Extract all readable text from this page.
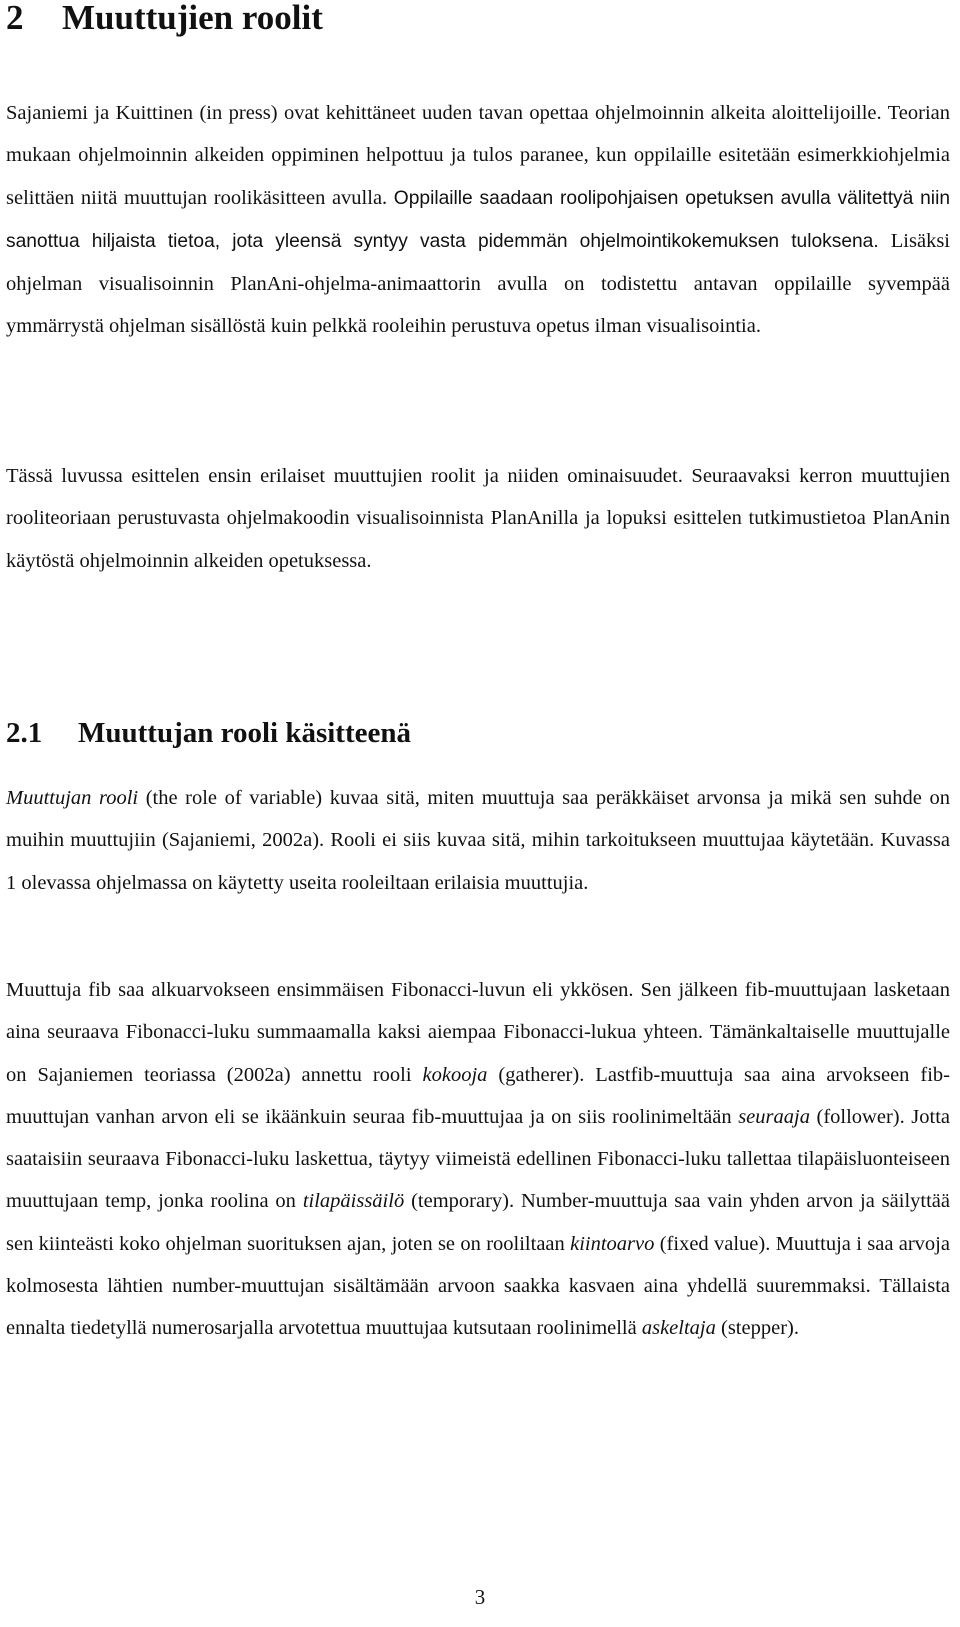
2 Muuttujien roolit

Sajaniemi ja Kuittinen (in press) ovat kehittäneet uuden tavan opettaa ohjelmoinnin alkeita aloittelijoille. Teorian mukaan ohjelmoinnin alkeiden oppiminen helpottuu ja tulos paranee, kun oppilaille esitetään esimerkkiohjelmia selittäen niitä muuttujan roolikäsitteen avulla. Oppilaille saadaan roolipohjaisen opetuksen avulla välitettyä niin sanottua hiljaista tietoa, jota yleensä syntyy vasta pidemmän ohjelmointikokemuksen tuloksena. Lisäksi ohjelman visualisoinnin PlanAni-ohjelma-animaattorin avulla on todistettu antavan oppilaille syvempää ymmärrystä ohjelman sisällöstä kuin pelkkä rooleihin perustuva opetus ilman visualisointia.

Tässä luvussa esittelen ensin erilaiset muuttujien roolit ja niiden ominaisuudet. Seuraavaksi kerron muuttujien rooliteoriaan perustuvasta ohjelmakoodin visualisoinnista PlanAnilla ja lopuksi esittelen tutkimustietoa PlanAnin käytöstä ohjelmoinnin alkeiden opetuksessa.

2.1 Muuttujan rooli käsitteenä

Muuttujan rooli (the role of variable) kuvaa sitä, miten muuttuja saa peräkkäiset arvonsa ja mikä sen suhde on muihin muuttujiin (Sajaniemi, 2002a). Rooli ei siis kuvaa sitä, mihin tarkoitukseen muuttujaa käytetään. Kuvassa 1 olevassa ohjelmassa on käytetty useita rooleiltaan erilaisia muuttujia.

Muuttuja fib saa alkuarvokseen ensimmäisen Fibonacci-luvun eli ykkösen. Sen jälkeen fib-muuttujaan lasketaan aina seuraava Fibonacci-luku summaamalla kaksi aiempaa Fibonacci-lukua yhteen. Tämänkaltaiselle muuttujalle on Sajaniemen teoriassa (2002a) annettu rooli kokooja (gatherer). Lastfib-muuttuja saa aina arvokseen fib-muuttujan vanhan arvon eli se ikäänkuin seuraa fib-muuttujaa ja on siis roolinimeltään seuraaja (follower). Jotta saataisiin seuraava Fibonacci-luku laskettua, täytyy viimeistä edellinen Fibonacci-luku tallettaa tilapäisluonteiseen muuttujaan temp, jonka roolina on tilapäissäilö (temporary). Number-muuttuja saa vain yhden arvon ja säilyttää sen kiinteästi koko ohjelman suorituksen ajan, joten se on rooliltaan kiintoarvo (fixed value). Muuttuja i saa arvoja kolmosesta lähtien number-muuttujan sisältämään arvoon saakka kasvaen aina yhdellä suuremmaksi. Tällaista ennalta tiedetyllä numerosarjalla arvotettua muuttujaa kutsutaan roolinimellä askeltaja (stepper).

3
